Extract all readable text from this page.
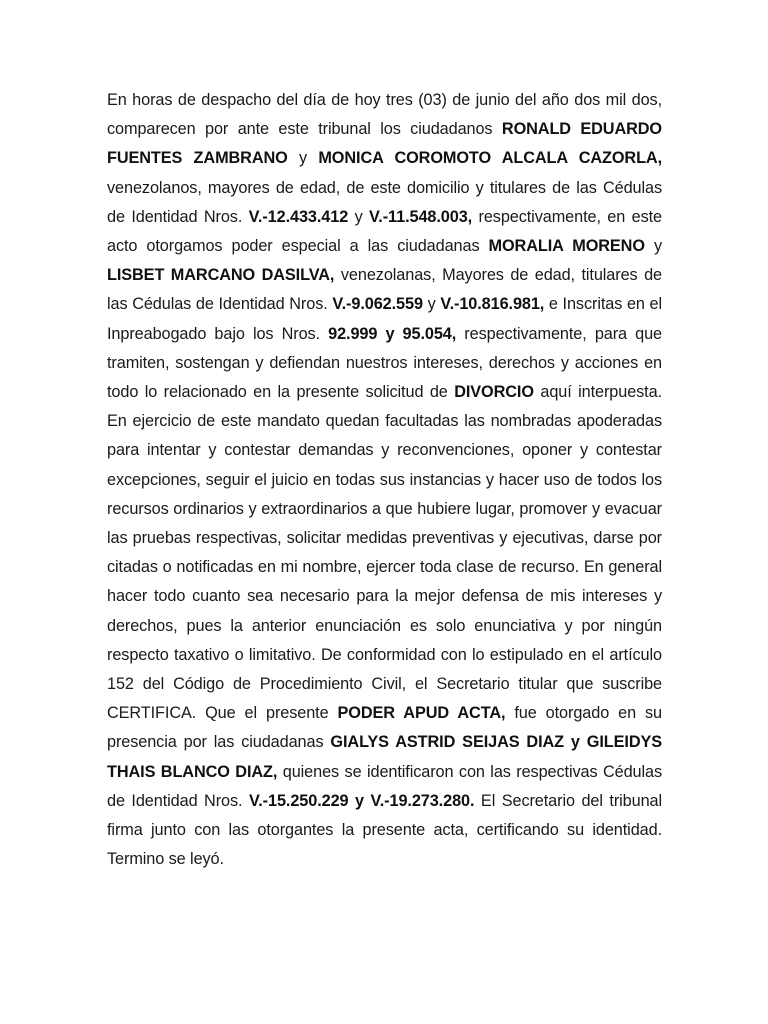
En horas de despacho del día de hoy tres (03) de junio del año dos mil dos, comparecen por ante este tribunal los ciudadanos RONALD EDUARDO FUENTES ZAMBRANO y MONICA COROMOTO ALCALA CAZORLA, venezolanos, mayores de edad, de este domicilio y titulares de las Cédulas de Identidad Nros. V.-12.433.412 y V.-11.548.003, respectivamente, en este acto otorgamos poder especial a las ciudadanas MORALIA MORENO y LISBET MARCANO DASILVA, venezolanas, Mayores de edad, titulares de las Cédulas de Identidad Nros. V.-9.062.559 y V.-10.816.981, e Inscritas en el Inpreabogado bajo los Nros. 92.999 y 95.054, respectivamente, para que tramiten, sostengan y defiendan nuestros intereses, derechos y acciones en todo lo relacionado en la presente solicitud de DIVORCIO aquí interpuesta. En ejercicio de este mandato quedan facultadas las nombradas apoderadas para intentar y contestar demandas y reconvenciones, oponer y contestar excepciones, seguir el juicio en todas sus instancias y hacer uso de todos los recursos ordinarios y extraordinarios a que hubiere lugar, promover y evacuar las pruebas respectivas, solicitar medidas preventivas y ejecutivas, darse por citadas o notificadas en mi nombre, ejercer toda clase de recurso. En general hacer todo cuanto sea necesario para la mejor defensa de mis intereses y derechos, pues la anterior enunciación es solo enunciativa y por ningún respecto taxativo o limitativo. De conformidad con lo estipulado en el artículo 152 del Código de Procedimiento Civil, el Secretario titular que suscribe CERTIFICA. Que el presente PODER APUD ACTA, fue otorgado en su presencia por las ciudadanas GIALYS ASTRID SEIJAS DIAZ y GILEIDYS THAIS BLANCO DIAZ, quienes se identificaron con las respectivas Cédulas de Identidad Nros. V.-15.250.229 y V.-19.273.280. El Secretario del tribunal firma junto con las otorgantes la presente acta, certificando su identidad. Termino se leyó.
